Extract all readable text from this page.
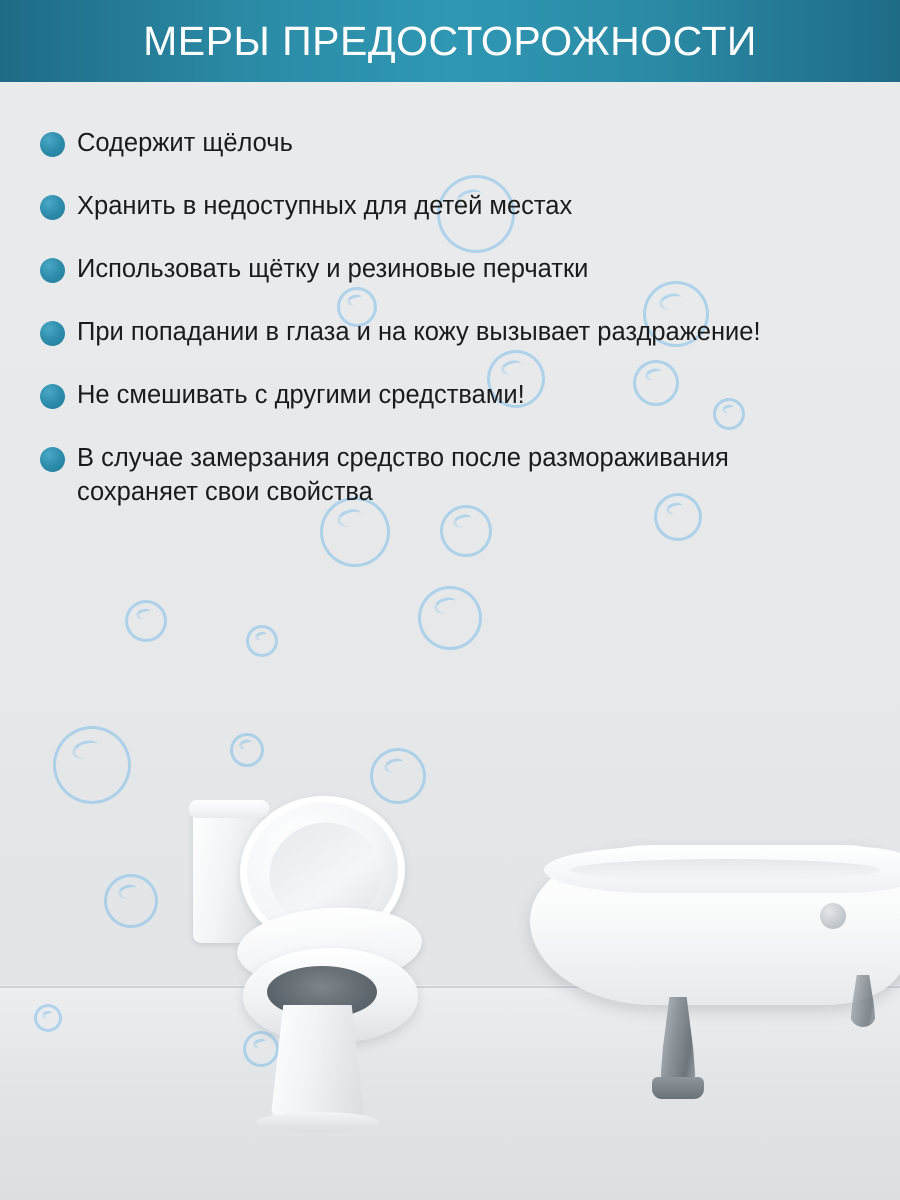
МЕРЫ ПРЕДОСТОРОЖНОСТИ
Содержит щёлочь
Хранить в недоступных для детей местах
Использовать щётку и резиновые перчатки
При попадании в глаза и на кожу вызывает раздражение!
Не смешивать с другими средствами!
В случае замерзания средство после размораживания сохраняет свои свойства
